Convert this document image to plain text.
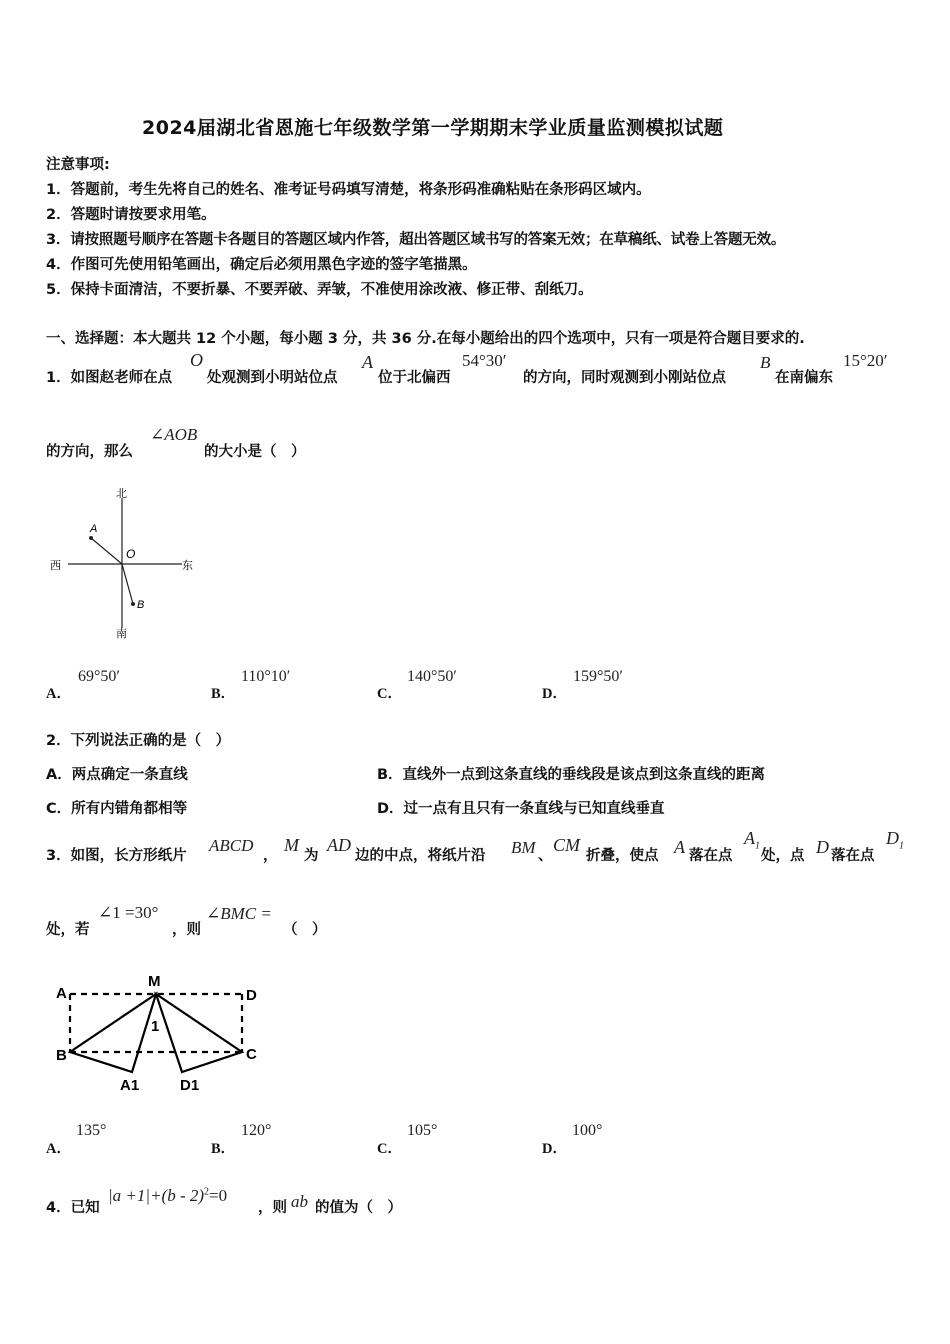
2024届湖北省恩施七年级数学第一学期期末学业质量监测模拟试题
注意事项:
1．答题前，考生先将自己的姓名、准考证号码填写清楚，将条形码准确粘贴在条形码区域内。
2．答题时请按要求用笔。
3．请按照题号顺序在答题卡各题目的答题区域内作答，超出答题区域书写的答案无效；在草稿纸、试卷上答题无效。
4．作图可先使用铅笔画出，确定后必须用黑色字迹的签字笔描黑。
5．保持卡面清洁，不要折暴、不要弄破、弄皱，不准使用涂改液、修正带、刮纸刀。
一、选择题：本大题共 12 个小题，每小题 3 分，共 36 分.在每小题给出的四个选项中，只有一项是符合题目要求的.
1．如图赵老师在点
O
处观测到小明站位点
A
位于北偏西
54°30′
的方向，同时观测到小刚站位点
B
在南偏东
15°20′
的方向，那么
∠AOB
的大小是（　）
北
南
西	东
O
A
B
A．
69°50′
B．
110°10′
C．
140°50′
D．
159°50′
2．下列说法正确的是（　）
A．两点确定一条直线	B．直线外一点到这条直线的垂线段是该点到这条直线的距离
C．所有内错角都相等	D．过一点有且只有一条直线与已知直线垂直
3．如图，长方形纸片
ABCD
，
M
为
AD
边的中点，将纸片沿 BM 、
CM
折叠，使点 A 落在点
$A_1$
处，点 D 落在点
$D_1$
处，若
∠1 =30°
，则
∠BMC =
（　）
A
M
D
B	C
A1	D1
1
A．
135°
B．
120°
C．
105°
D．
100°
4．已知
|a +1|+(b - 2)$^2$=0
，则 ab 的值为（　）
